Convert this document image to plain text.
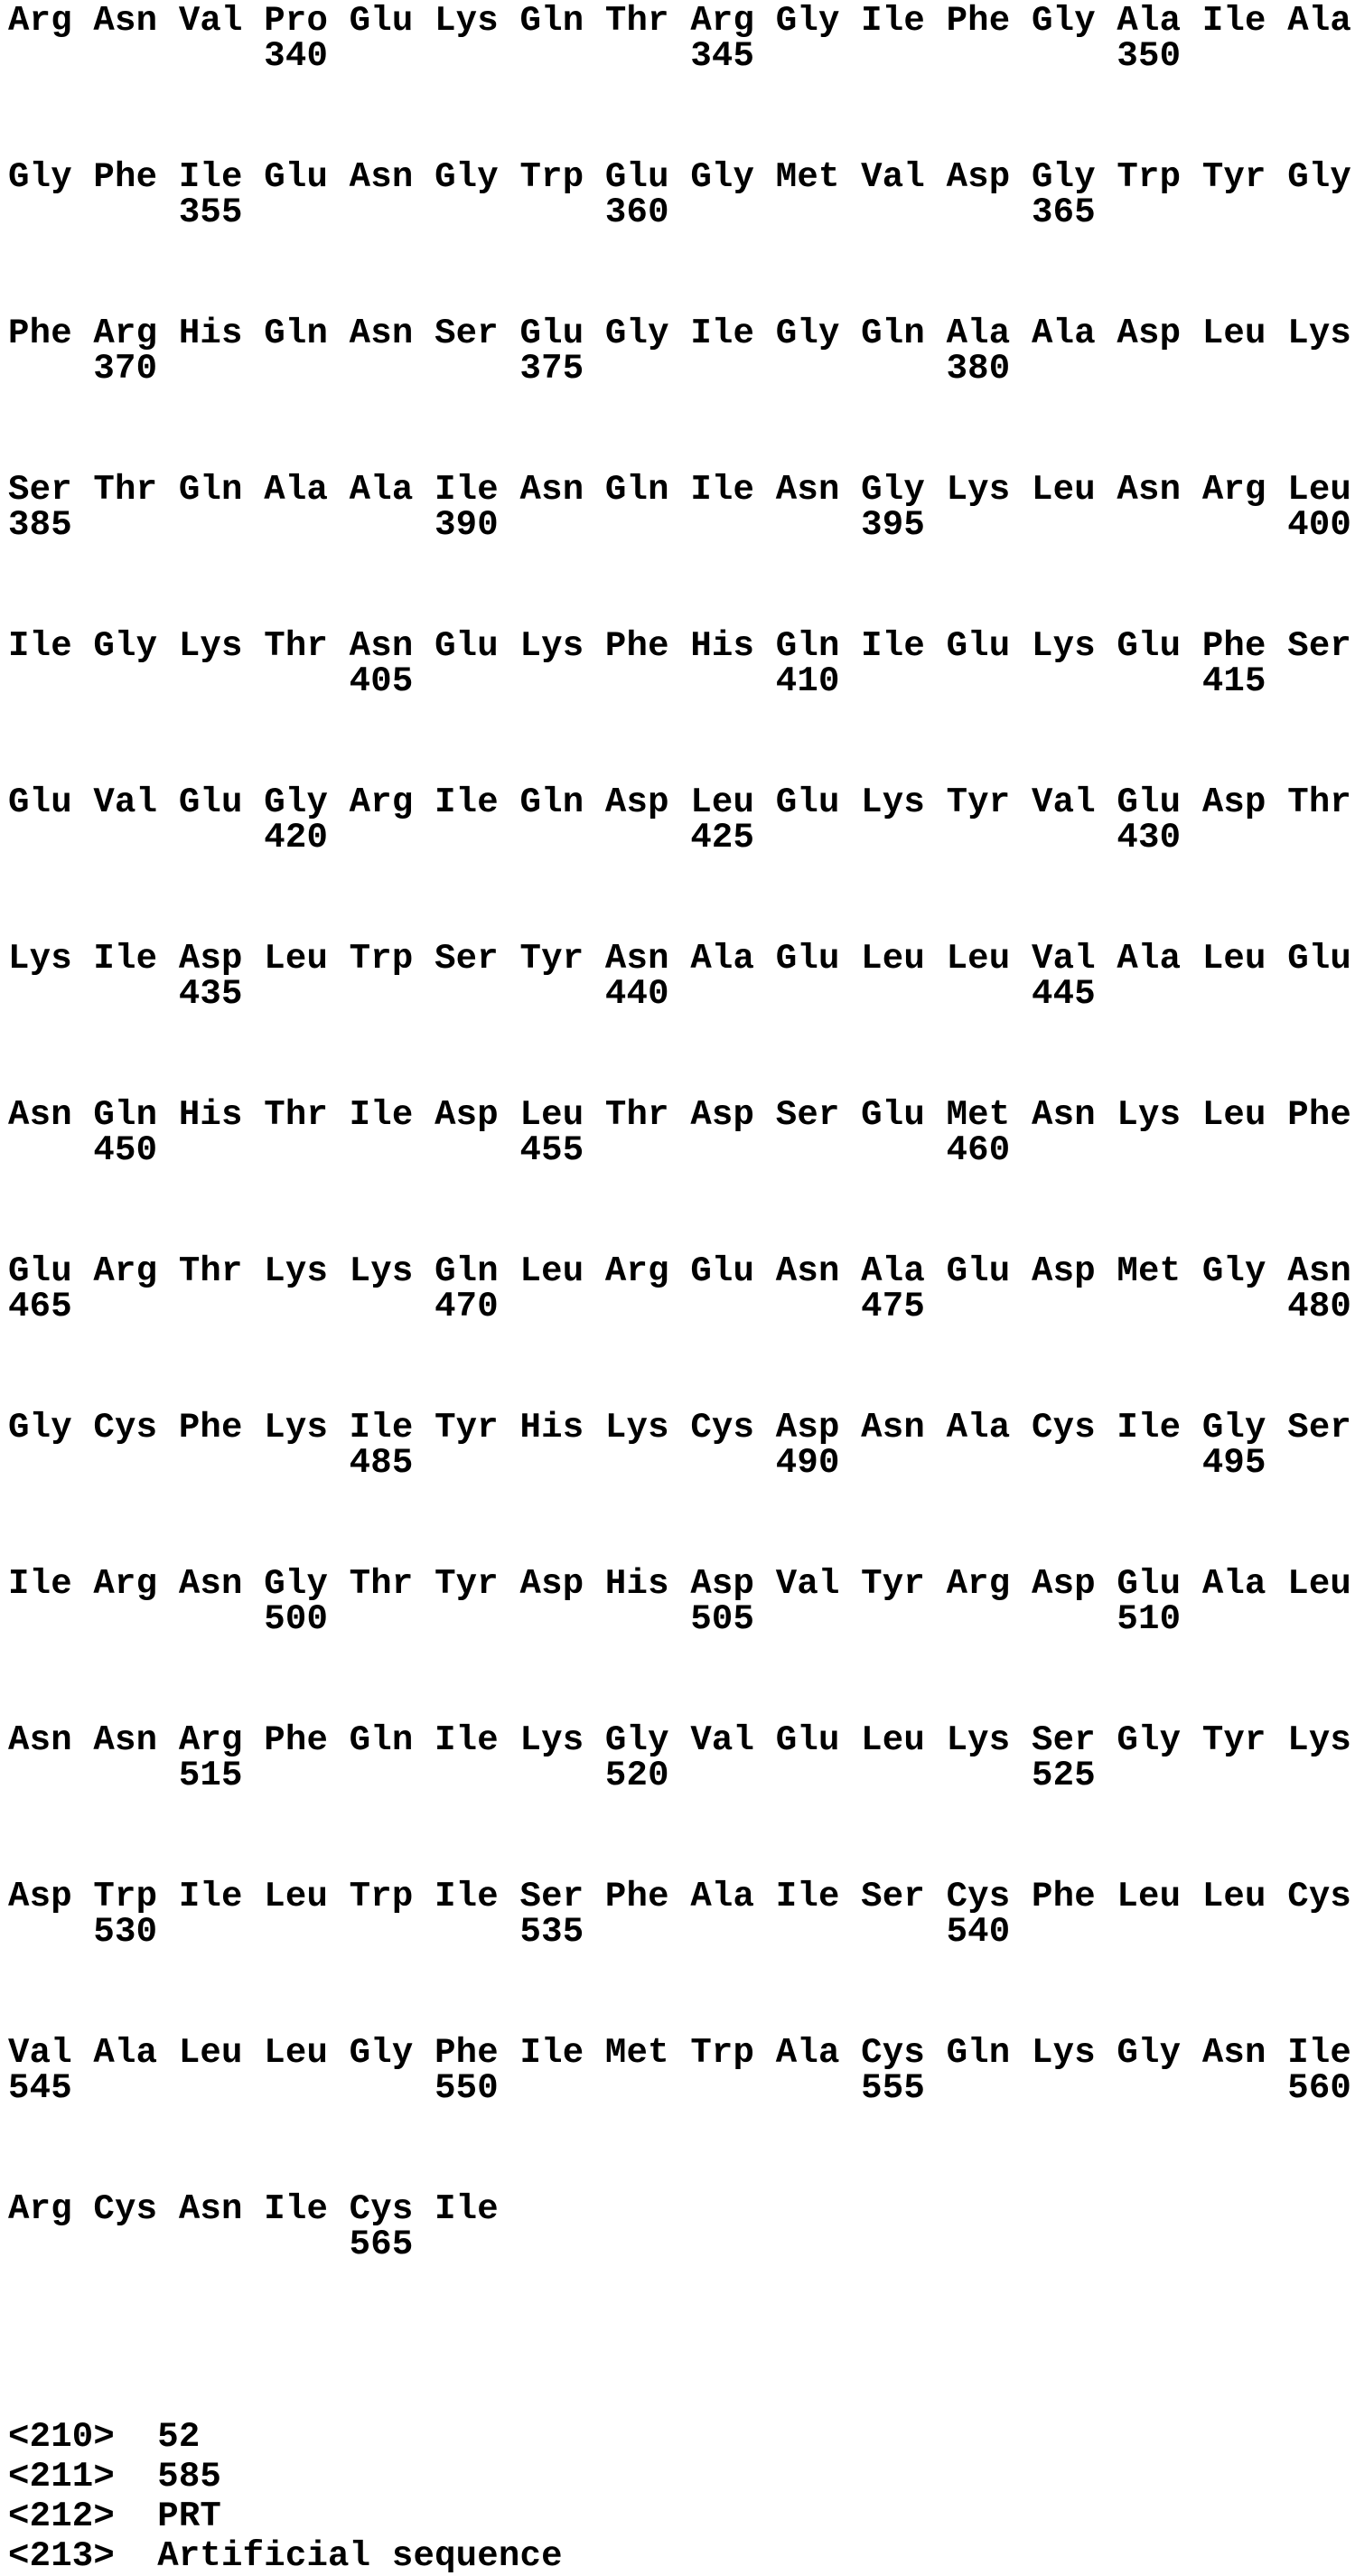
Arg Asn Val Pro Glu Lys Gln Thr Arg Gly Ile Phe Gly Ala Ile Ala
340                 345                 350
Gly Phe Ile Glu Asn Gly Trp Glu Gly Met Val Asp Gly Trp Tyr Gly
355                 360                 365
Phe Arg His Gln Asn Ser Glu Gly Ile Gly Gln Ala Ala Asp Leu Lys
370                 375                 380
Ser Thr Gln Ala Ala Ile Asn Gln Ile Asn Gly Lys Leu Asn Arg Leu
385                 390                 395                 400
Ile Gly Lys Thr Asn Glu Lys Phe His Gln Ile Glu Lys Glu Phe Ser
405                 410                 415
Glu Val Glu Gly Arg Ile Gln Asp Leu Glu Lys Tyr Val Glu Asp Thr
420                 425                 430
Lys Ile Asp Leu Trp Ser Tyr Asn Ala Glu Leu Leu Val Ala Leu Glu
435                 440                 445
Asn Gln His Thr Ile Asp Leu Thr Asp Ser Glu Met Asn Lys Leu Phe
450                 455                 460
Glu Arg Thr Lys Lys Gln Leu Arg Glu Asn Ala Glu Asp Met Gly Asn
465                 470                 475                 480
Gly Cys Phe Lys Ile Tyr His Lys Cys Asp Asn Ala Cys Ile Gly Ser
485                 490                 495
Ile Arg Asn Gly Thr Tyr Asp His Asp Val Tyr Arg Asp Glu Ala Leu
500                 505                 510
Asn Asn Arg Phe Gln Ile Lys Gly Val Glu Leu Lys Ser Gly Tyr Lys
515                 520                 525
Asp Trp Ile Leu Trp Ile Ser Phe Ala Ile Ser Cys Phe Leu Leu Cys
530                 535                 540
Val Ala Leu Leu Gly Phe Ile Met Trp Ala Cys Gln Lys Gly Asn Ile
545                 550                 555                 560
Arg Cys Asn Ile Cys Ile
565
<210>  52
<211>  585
<212>  PRT
<213>  Artificial sequence
